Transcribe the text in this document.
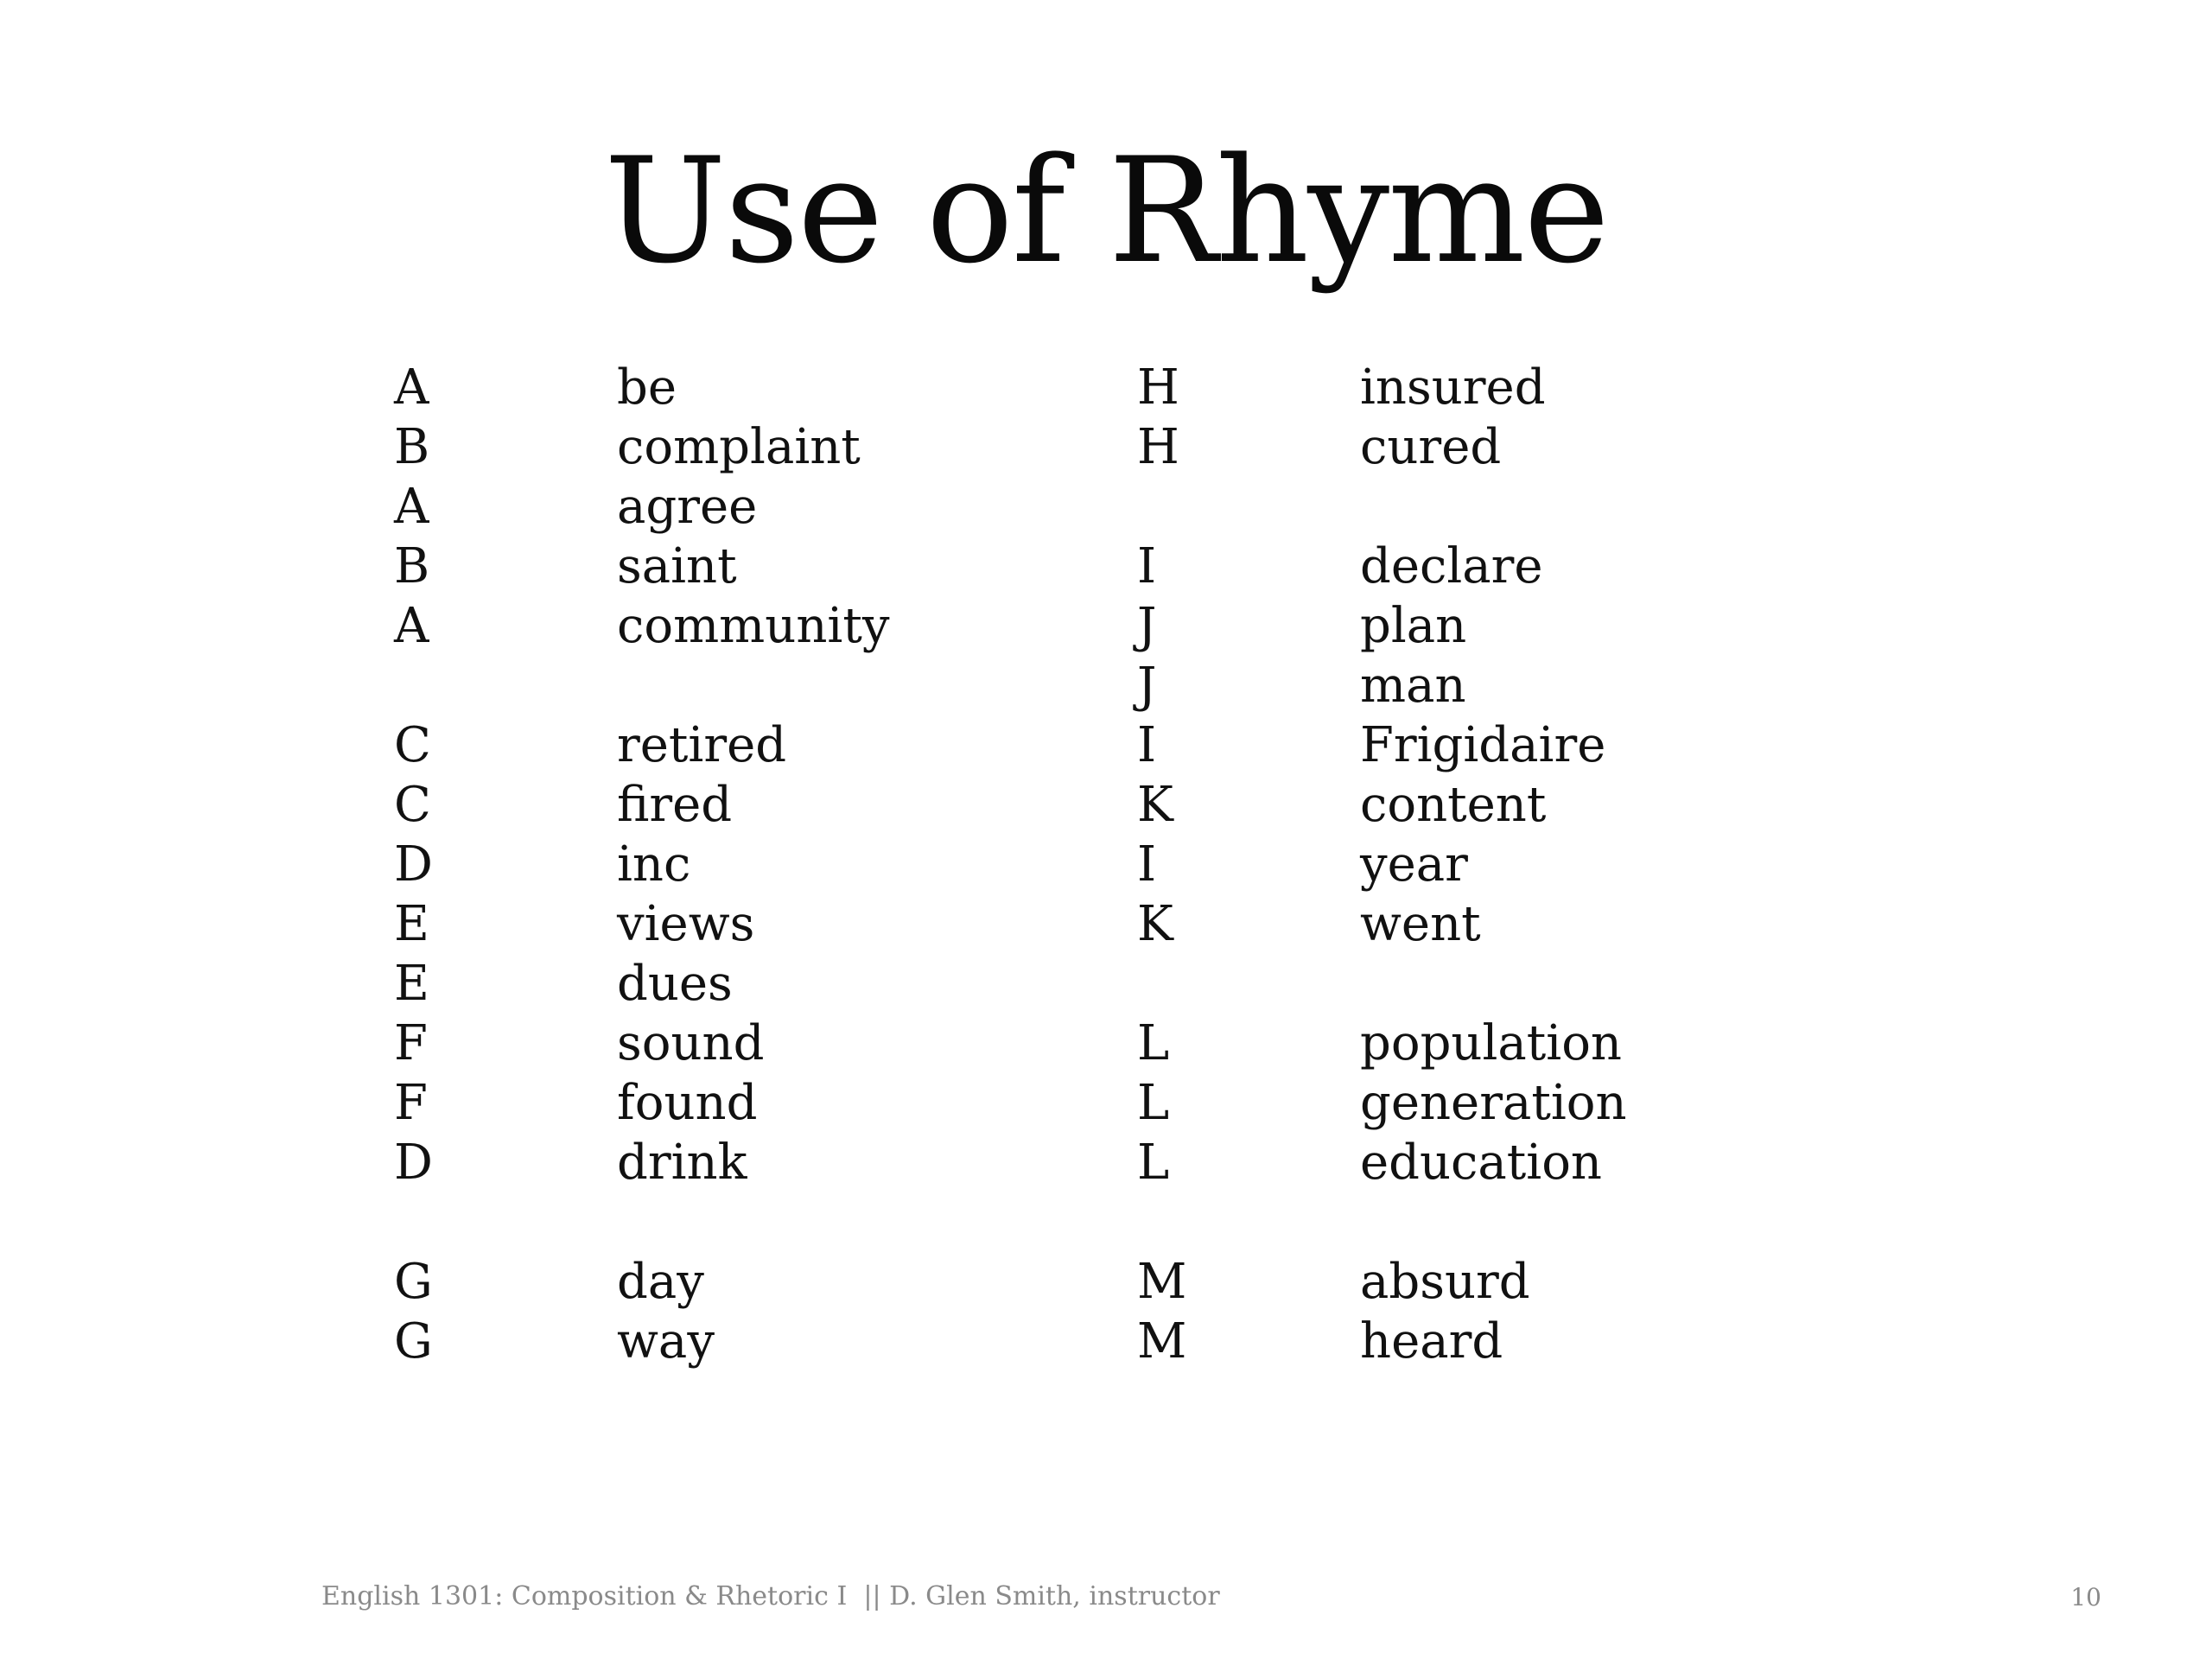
Use of Rhyme
A	be
B	complaint
A	agree
B	saint
A	community
C	retired
C	fired
D	inc
E	views
E	dues
F	sound
F	found
D	drink
G	day
G	way
H	insured
H	cured
I	declare
J	plan
J	man
I	Frigidaire
K	content
I	year
K	went
L	population
L	generation
L	education
M	absurd
M	heard
English 1301: Composition & Rhetoric I  || D. Glen Smith, instructor	10
